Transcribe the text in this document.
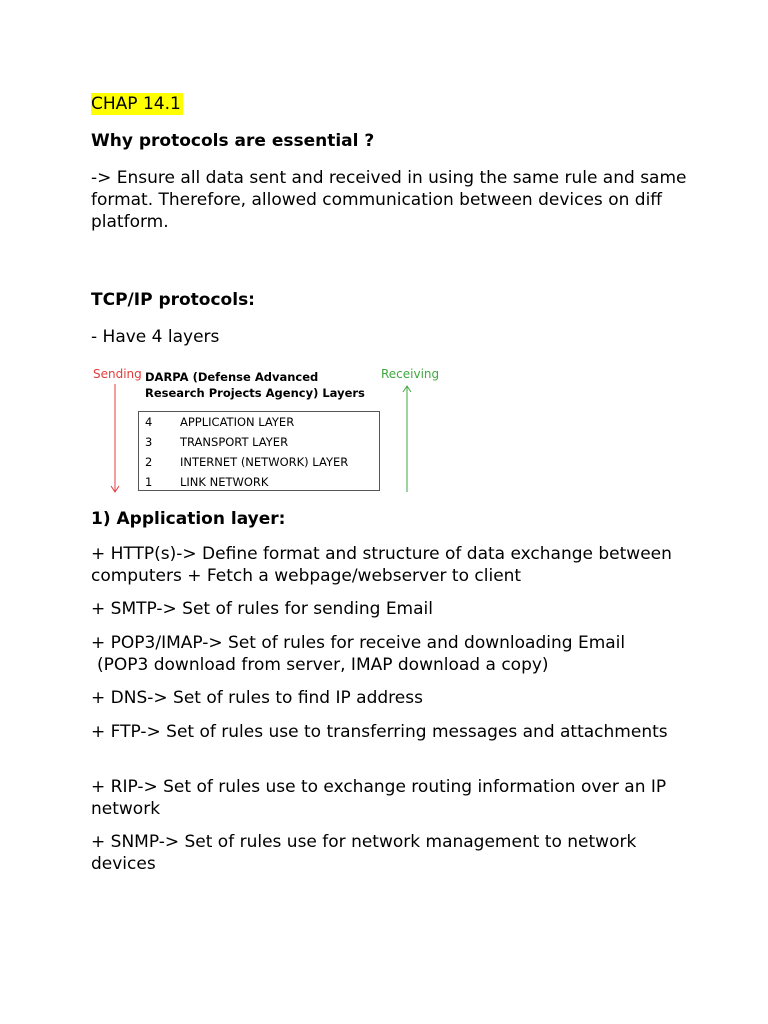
CHAP 14.1

Why protocols are essential ?

-> Ensure all data sent and received in using the same rule and same format. Therefore, allowed communication between devices on diff platform.

TCP/IP protocols:

- Have 4 layers

Sending	Receiving
DARPA (Defense Advanced Research Projects Agency) Layers
4 APPLICATION LAYER
3 TRANSPORT LAYER
2 INTERNET (NETWORK) LAYER
1 LINK NETWORK

1) Application layer:

+ HTTP(s)-> Define format and structure of data exchange between computers + Fetch a webpage/webserver to client

+ SMTP-> Set of rules for sending Email

+ POP3/IMAP-> Set of rules for receive and downloading Email

(POP3 download from server, IMAP download a copy)

+ DNS-> Set of rules to find IP address

+ FTP-> Set of rules use to transferring messages and attachments

+ RIP-> Set of rules use to exchange routing information over an IP network

+ SNMP-> Set of rules use for network management to network devices
